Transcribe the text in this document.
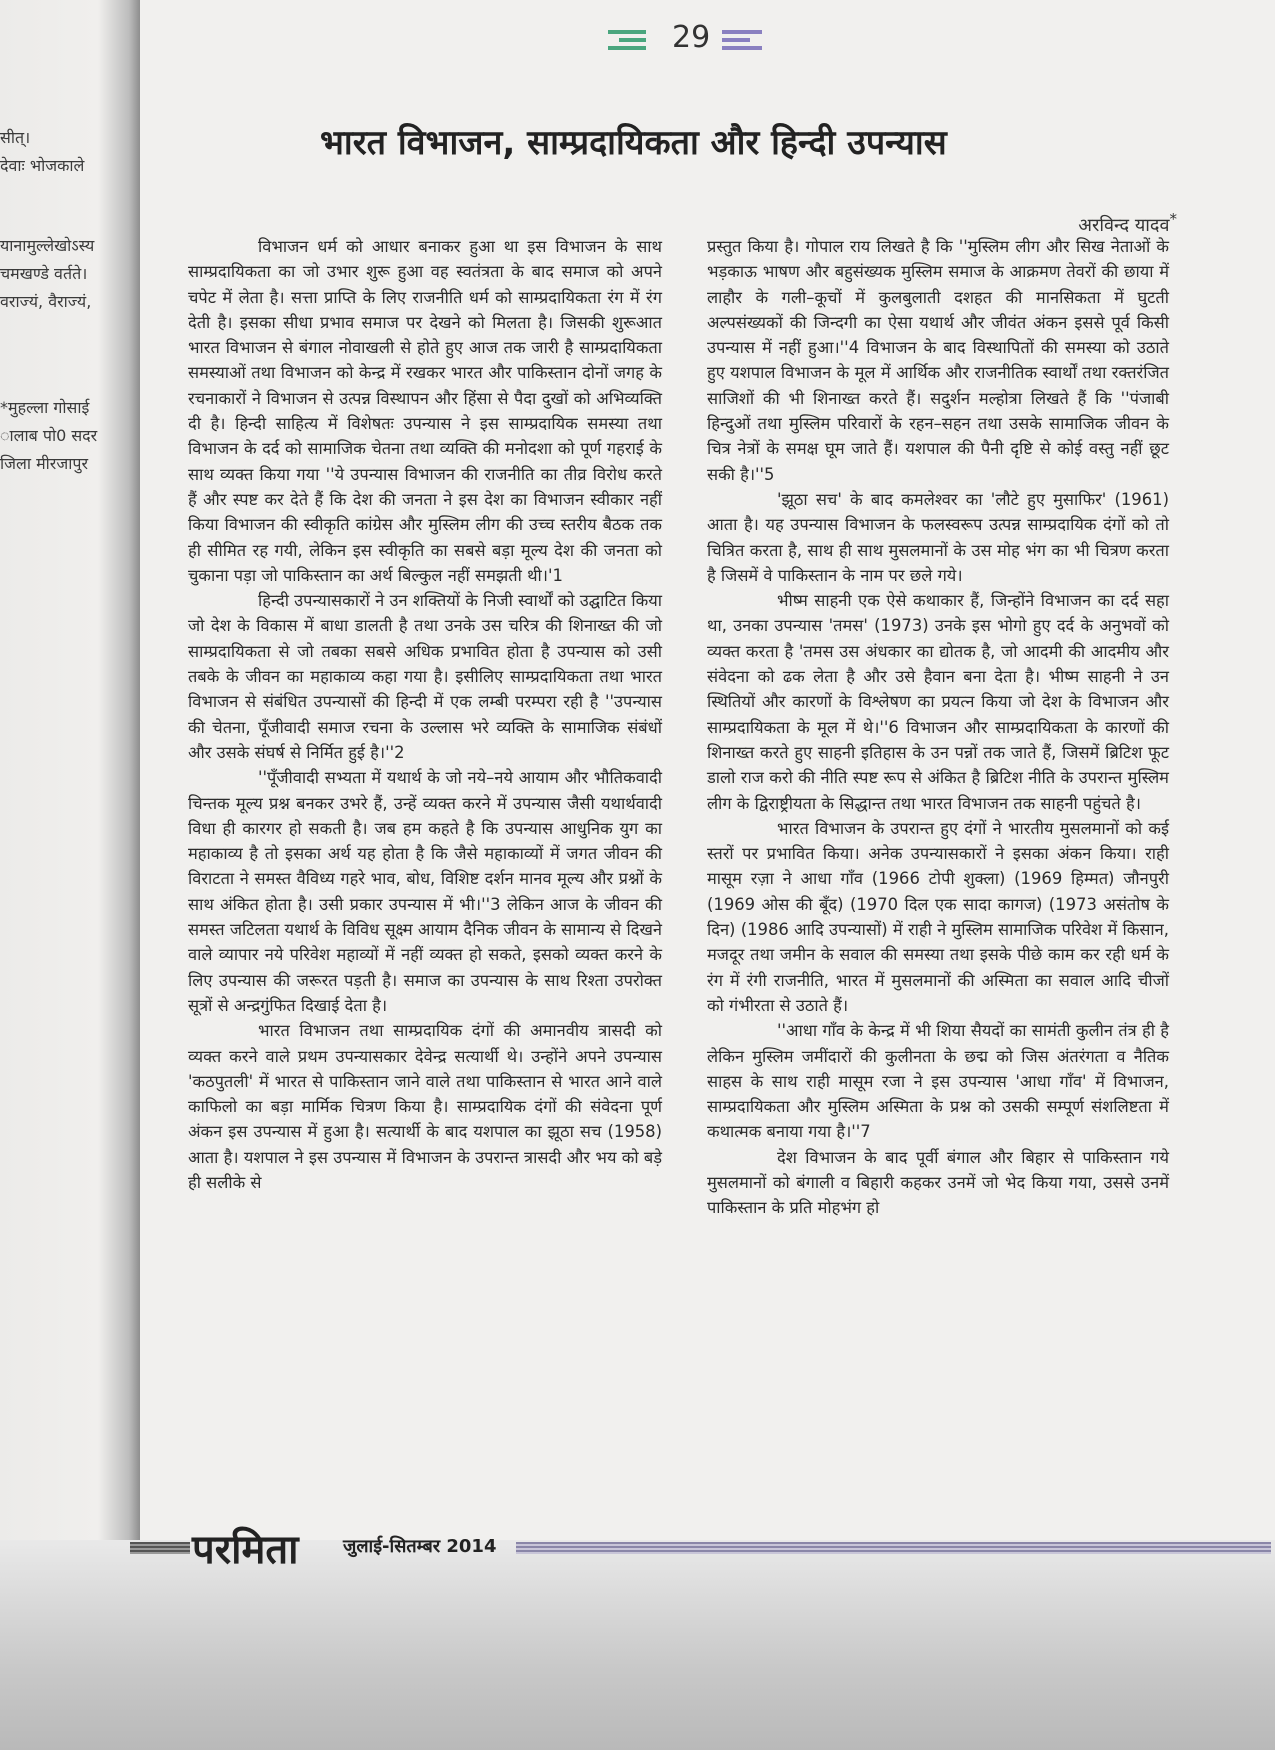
सीत्।
देवाः भोजकाले
यानामुल्लेखोऽस्य
चमखण्डे वर्तते।
वराज्यं, वैराज्यं,
*मुहल्ला गोसाई
ालाब पो0 सदर
जिला मीरजापुर
29
भारत विभाजन, साम्प्रदायिकता और हिन्दी उपन्यास
अरविन्द यादव*

विभाजन धर्म को आधार बनाकर हुआ था इस विभाजन के साथ साम्प्रदायिकता का जो उभार शुरू हुआ वह स्वतंत्रता के बाद समाज को अपने चपेट में लेता है। सत्ता प्राप्ति के लिए राजनीति धर्म को साम्प्रदायिकता रंग में रंग देती है। इसका सीधा प्रभाव समाज पर देखने को मिलता है। जिसकी शुरूआत भारत विभाजन से बंगाल नोवाखली से होते हुए आज तक जारी है साम्प्रदायिकता समस्याओं तथा विभाजन को केन्द्र में रखकर भारत और पाकिस्तान दोनों जगह के रचनाकारों ने विभाजन से उत्पन्न विस्थापन और हिंसा से पैदा दुखों को अभिव्यक्ति दी है। हिन्दी साहित्य में विशेषतः उपन्यास ने इस साम्प्रदायिक समस्या तथा विभाजन के दर्द को सामाजिक चेतना तथा व्यक्ति की मनोदशा को पूर्ण गहराई के साथ व्यक्त किया गया ''ये उपन्यास विभाजन की राजनीति का तीव्र विरोध करते हैं और स्पष्ट कर देते हैं कि देश की जनता ने इस देश का विभाजन स्वीकार नहीं किया विभाजन की स्वीकृति कांग्रेस और मुस्लिम लीग की उच्च स्तरीय बैठक तक ही सीमित रह गयी, लेकिन इस स्वीकृति का सबसे बड़ा मूल्य देश की जनता को चुकाना पड़ा जो पाकिस्तान का अर्थ बिल्कुल नहीं समझती थी।'1

हिन्दी उपन्यासकारों ने उन शक्तियों के निजी स्वार्थों को उद्घाटित किया जो देश के विकास में बाधा डालती है तथा उनके उस चरित्र की शिनाख्त की जो साम्प्रदायिकता से जो तबका सबसे अधिक प्रभावित होता है उपन्यास को उसी तबके के जीवन का महाकाव्य कहा गया है। इसीलिए साम्प्रदायिकता तथा भारत विभाजन से संबंधित उपन्यासों की हिन्दी में एक लम्बी परम्परा रही है ''उपन्यास की चेतना, पूँजीवादी समाज रचना के उल्लास भरे व्यक्ति के सामाजिक संबंधों और उसके संघर्ष से निर्मित हुई है।''2

''पूँजीवादी सभ्यता में यथार्थ के जो नये–नये आयाम और भौतिकवादी चिन्तक मूल्य प्रश्न बनकर उभरे हैं, उन्हें व्यक्त करने में उपन्यास जैसी यथार्थवादी विधा ही कारगर हो सकती है। जब हम कहते है कि उपन्यास आधुनिक युग का महाकाव्य है तो इसका अर्थ यह होता है कि जैसे महाकाव्यों में जगत जीवन की विराटता ने समस्त वैविध्य गहरे भाव, बोध, विशिष्ट दर्शन मानव मूल्य और प्रश्नों के साथ अंकित होता है। उसी प्रकार उपन्यास में भी।''3 लेकिन आज के जीवन की समस्त जटिलता यथार्थ के विविध सूक्ष्म आयाम दैनिक जीवन के सामान्य से दिखने वाले व्यापार नये परिवेश महाव्यों में नहीं व्यक्त हो सकते, इसको व्यक्त करने के लिए उपन्यास की जरूरत पड़ती है। समाज का उपन्यास के साथ रिश्ता उपरोक्त सूत्रों से अन्द्रगुंफित दिखाई देता है।

भारत विभाजन तथा साम्प्रदायिक दंगों की अमानवीय त्रासदी को व्यक्त करने वाले प्रथम उपन्यासकार देवेन्द्र सत्यार्थी थे। उन्होंने अपने उपन्यास 'कठपुतली' में भारत से पाकिस्तान जाने वाले तथा पाकिस्तान से भारत आने वाले काफिलो का बड़ा मार्मिक चित्रण किया है। साम्प्रदायिक दंगों की संवेदना पूर्ण अंकन इस उपन्यास में हुआ है। सत्यार्थी के बाद यशपाल का झूठा सच (1958) आता है। यशपाल ने इस उपन्यास में विभाजन के उपरान्त त्रासदी और भय को बड़े ही सलीके से

प्रस्तुत किया है। गोपाल राय लिखते है कि ''मुस्लिम लीग और सिख नेताओं के भड़काऊ भाषण और बहुसंख्यक मुस्लिम समाज के आक्रमण तेवरों की छाया में लाहौर के गली–कूचों में कुलबुलाती दशहत की मानसिकता में घुटती अल्पसंख्यकों की जिन्दगी का ऐसा यथार्थ और जीवंत अंकन इससे पूर्व किसी उपन्यास में नहीं हुआ।''4 विभाजन के बाद विस्थापितों की समस्या को उठाते हुए यशपाल विभाजन के मूल में आर्थिक और राजनीतिक स्वार्थों तथा रक्तरंजित साजिशों की भी शिनाख्त करते हैं। सदुर्शन मल्होत्रा लिखते हैं कि ''पंजाबी हिन्दुओं तथा मुस्लिम परिवारों के रहन–सहन तथा उसके सामाजिक जीवन के चित्र नेत्रों के समक्ष घूम जाते हैं। यशपाल की पैनी दृष्टि से कोई वस्तु नहीं छूट सकी है।''5

'झूठा सच' के बाद कमलेश्वर का 'लौटे हुए मुसाफिर' (1961) आता है। यह उपन्यास विभाजन के फलस्वरूप उत्पन्न साम्प्रदायिक दंगों को तो चित्रित करता है, साथ ही साथ मुसलमानों के उस मोह भंग का भी चित्रण करता है जिसमें वे पाकिस्तान के नाम पर छले गये।

भीष्म साहनी एक ऐसे कथाकार हैं, जिन्होंने विभाजन का दर्द सहा था, उनका उपन्यास 'तमस' (1973) उनके इस भोगो हुए दर्द के अनुभवों को व्यक्त करता है 'तमस उस अंधकार का द्योतक है, जो आदमी की आदमीय और संवेदना को ढक लेता है और उसे हैवान बना देता है। भीष्म साहनी ने उन स्थितियों और कारणों के विश्लेषण का प्रयत्न किया जो देश के विभाजन और साम्प्रदायिकता के मूल में थे।''6 विभाजन और साम्प्रदायिकता के कारणों की शिनाख्त करते हुए साहनी इतिहास के उन पन्नों तक जाते हैं, जिसमें ब्रिटिश फूट डालो राज करो की नीति स्पष्ट रूप से अंकित है ब्रिटिश नीति के उपरान्त मुस्लिम लीग के द्विराष्ट्रीयता के सिद्धान्त तथा भारत विभाजन तक साहनी पहुंचते है।

भारत विभाजन के उपरान्त हुए दंगों ने भारतीय मुसलमानों को कई स्तरों पर प्रभावित किया। अनेक उपन्यासकारों ने इसका अंकन किया। राही मासूम रज़ा ने आधा गाँव (1966 टोपी शुक्ला) (1969 हिम्मत) जौनपुरी (1969 ओस की बूँद) (1970 दिल एक सादा कागज) (1973 असंतोष के दिन) (1986 आदि उपन्यासों) में राही ने मुस्लिम सामाजिक परिवेश में किसान, मजदूर तथा जमीन के सवाल की समस्या तथा इसके पीछे काम कर रही धर्म के रंग में रंगी राजनीति, भारत में मुसलमानों की अस्मिता का सवाल आदि चीजों को गंभीरता से उठाते हैं।

''आधा गाँव के केन्द्र में भी शिया सैयदों का सामंती कुलीन तंत्र ही है लेकिन मुस्लिम जमींदारों की कुलीनता के छद्म को जिस अंतरंगता व नैतिक साहस के साथ राही मासूम रजा ने इस उपन्यास 'आधा गाँव' में विभाजन, साम्प्रदायिकता और मुस्लिम अस्मिता के प्रश्न को उसकी सम्पूर्ण संशलिष्टता में कथात्मक बनाया गया है।''7

देश विभाजन के बाद पूर्वी बंगाल और बिहार से पाकिस्तान गये मुसलमानों को बंगाली व बिहारी कहकर उनमें जो भेद किया गया, उससे उनमें पाकिस्तान के प्रति मोहभंग हो

परमिता जुलाई-सितम्बर 2014
